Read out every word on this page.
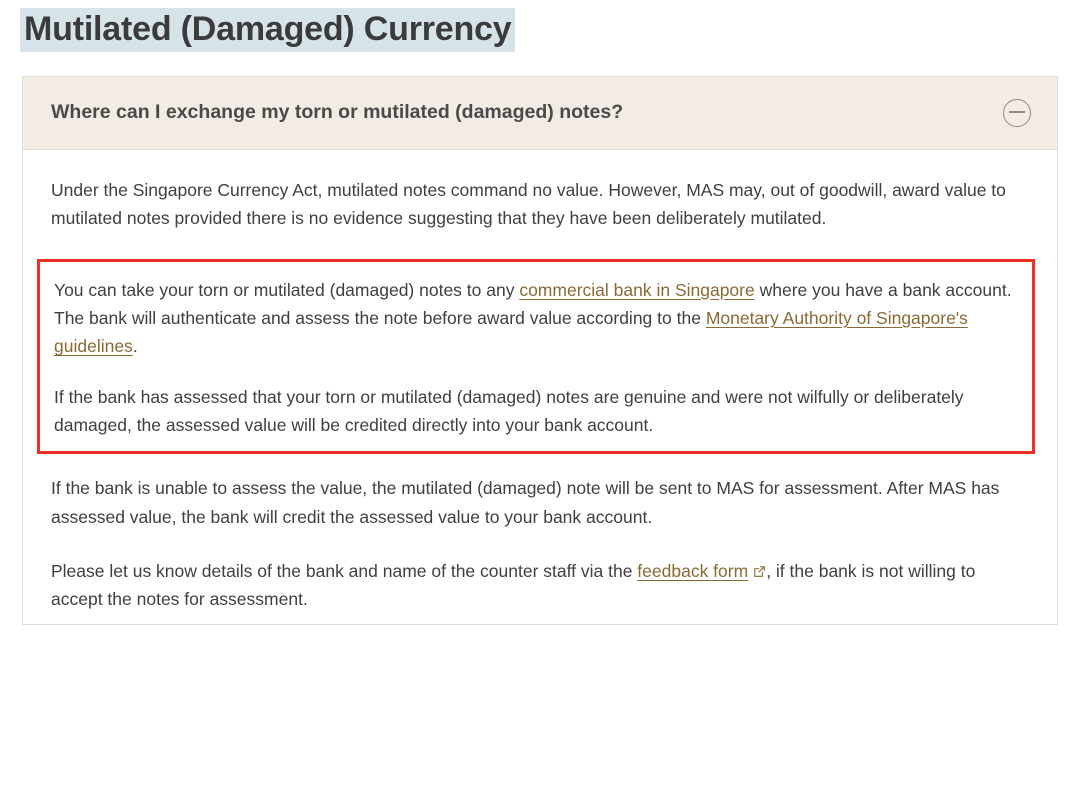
Mutilated (Damaged) Currency
Where can I exchange my torn or mutilated (damaged) notes?

Under the Singapore Currency Act, mutilated notes command no value. However, MAS may, out of goodwill, award value to mutilated notes provided there is no evidence suggesting that they have been deliberately mutilated.

You can take your torn or mutilated (damaged) notes to any commercial bank in Singapore where you have a bank account. The bank will authenticate and assess the note before award value according to the Monetary Authority of Singapore's guidelines.

If the bank has assessed that your torn or mutilated (damaged) notes are genuine and were not wilfully or deliberately damaged, the assessed value will be credited directly into your bank account.

If the bank is unable to assess the value, the mutilated (damaged) note will be sent to MAS for assessment. After MAS has assessed value, the bank will credit the assessed value to your bank account.

Please let us know details of the bank and name of the counter staff via the feedback form , if the bank is not willing to accept the notes for assessment.
